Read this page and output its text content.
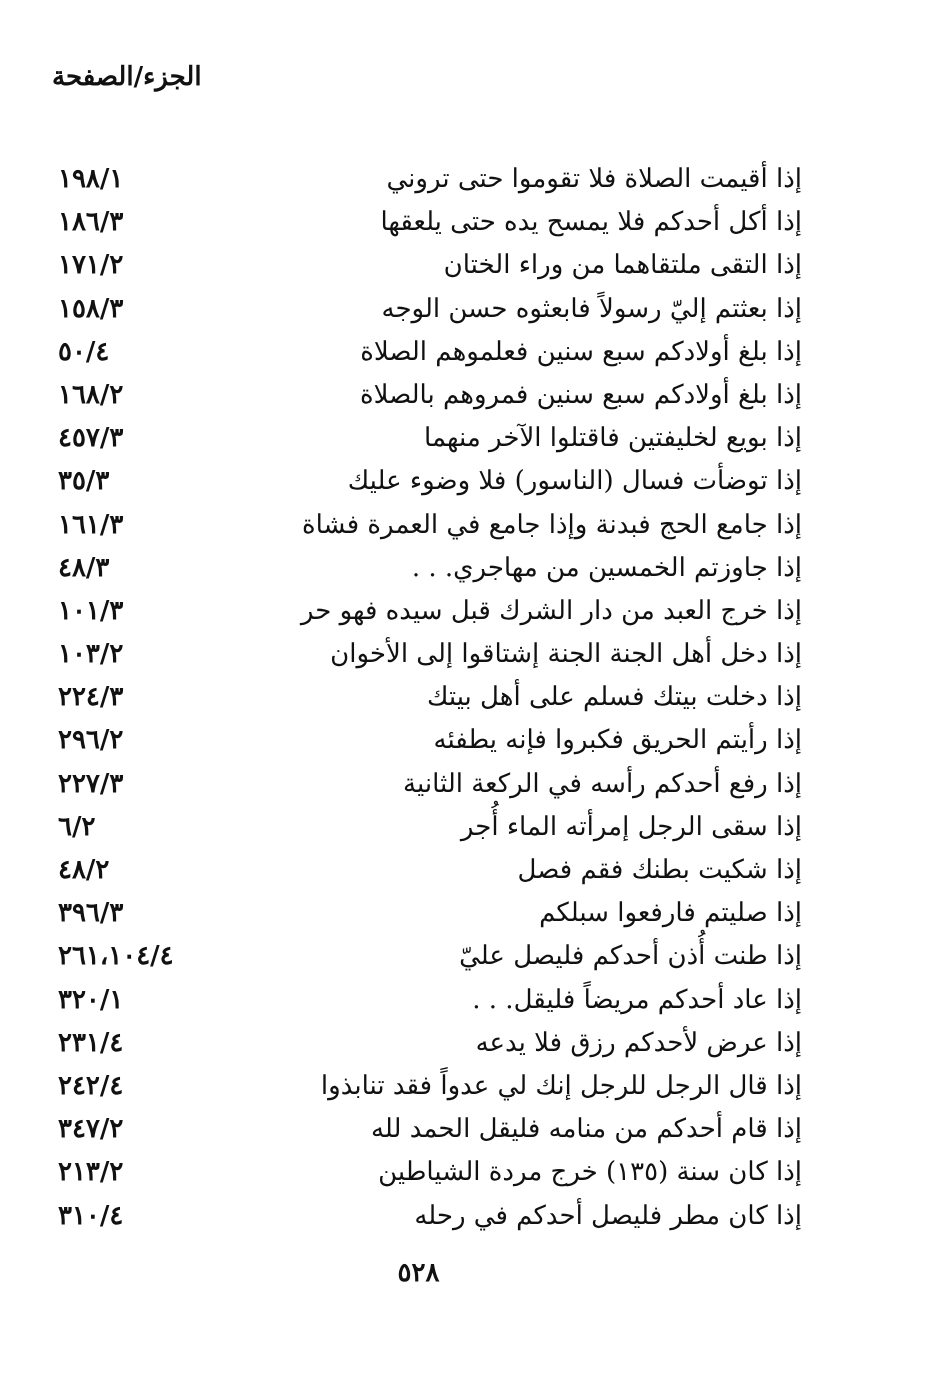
الجزء/الصفحة
إذا أقيمت الصلاة فلا تقوموا حتى تروني
١٩٨/١
إذا أكل أحدكم فلا يمسح يده حتى يلعقها
١٨٦/٣
إذا التقى ملتقاهما من وراء الختان
١٧١/٢
إذا بعثتم إليّ رسولاً فابعثوه حسن الوجه
١٥٨/٣
إذا بلغ أولادكم سبع سنين فعلموهم الصلاة
٥٠/٤
إذا بلغ أولادكم سبع سنين فمروهم بالصلاة
١٦٨/٢
إذا بويع لخليفتين فاقتلوا الآخر منهما
٤٥٧/٣
إذا توضأت فسال (الناسور) فلا وضوء عليك
٣٥/٣
إذا جامع الحج فبدنة وإذا جامع في العمرة فشاة
١٦١/٣
إذا جاوزتم الخمسين من مهاجري. . .
٤٨/٣
إذا خرج العبد من دار الشرك قبل سيده فهو حر
١٠١/٣
إذا دخل أهل الجنة الجنة إشتاقوا إلى الأخوان
١٠٣/٢
إذا دخلت بيتك فسلم على أهل بيتك
٢٢٤/٣
إذا رأيتم الحريق فكبروا فإنه يطفئه
٢٩٦/٢
إذا رفع أحدكم رأسه في الركعة الثانية
٢٢٧/٣
إذا سقى الرجل إمرأته الماء أُجر
٦/٢
إذا شكيت بطنك فقم فصل
٤٨/٢
إذا صليتم فارفعوا سبلكم
٣٩٦/٣
إذا طنت أُذن أحدكم فليصل عليّ
٢٦١،١٠٤/٤
إذا عاد أحدكم مريضاً فليقل. . .
٣٢٠/١
إذا عرض لأحدكم رزق فلا يدعه
٢٣١/٤
إذا قال الرجل للرجل إنك لي عدواً فقد تنابذوا
٢٤٢/٤
إذا قام أحدكم من منامه فليقل الحمد لله
٣٤٧/٢
إذا كان سنة (١٣٥) خرج مردة الشياطين
٢١٣/٢
إذا كان مطر فليصل أحدكم في رحله
٣١٠/٤
٥٢٨
